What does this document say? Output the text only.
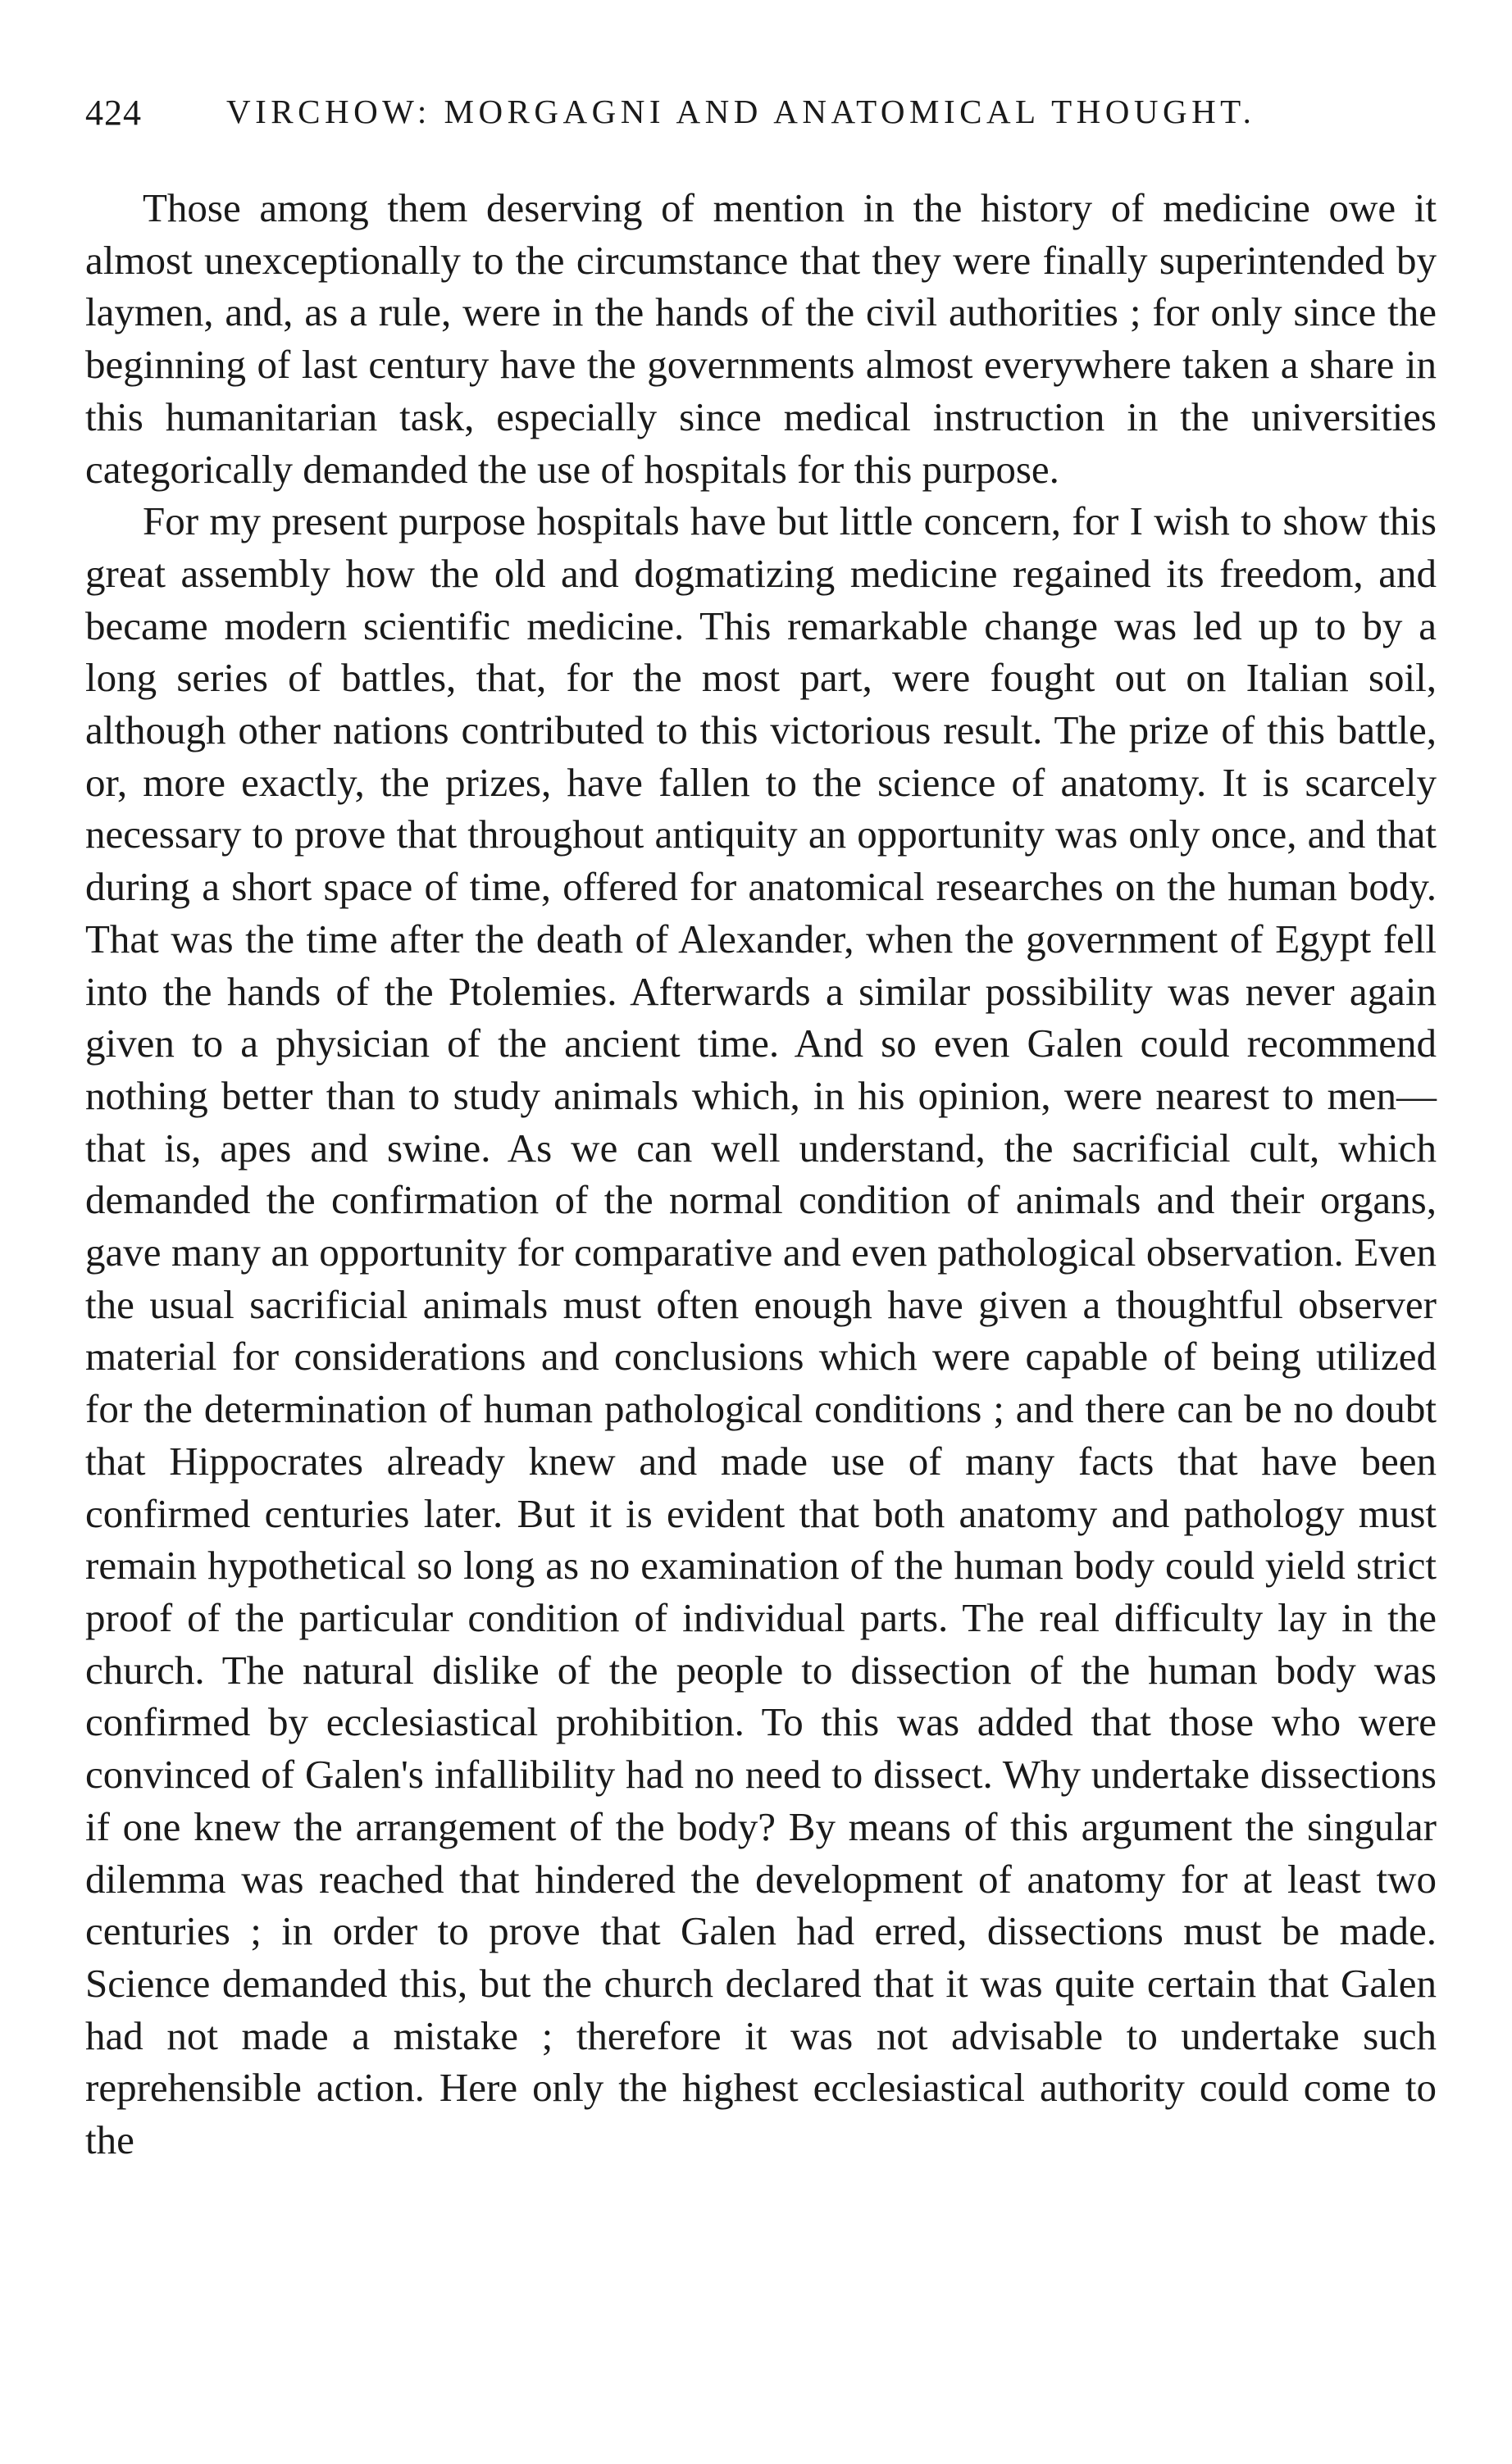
424	VIRCHOW: MORGAGNI AND ANATOMICAL THOUGHT.

Those among them deserving of mention in the history of medicine owe it almost unexceptionally to the circumstance that they were finally superintended by laymen, and, as a rule, were in the hands of the civil authorities ; for only since the beginning of last century have the governments almost everywhere taken a share in this humanitarian task, especially since medical instruction in the universities categorically demanded the use of hospitals for this purpose.

For my present purpose hospitals have but little concern, for I wish to show this great assembly how the old and dogmatizing medicine regained its freedom, and became modern scientific medicine. This remarkable change was led up to by a long series of battles, that, for the most part, were fought out on Italian soil, although other nations contributed to this victorious result. The prize of this battle, or, more exactly, the prizes, have fallen to the science of anatomy. It is scarcely necessary to prove that throughout antiquity an opportunity was only once, and that during a short space of time, offered for anatomical researches on the human body. That was the time after the death of Alexander, when the government of Egypt fell into the hands of the Ptolemies. Afterwards a similar possibility was never again given to a physician of the ancient time. And so even Galen could recommend nothing better than to study animals which, in his opinion, were nearest to men—that is, apes and swine. As we can well understand, the sacrificial cult, which demanded the confirmation of the normal condition of animals and their organs, gave many an opportunity for comparative and even pathological observation. Even the usual sacrificial animals must often enough have given a thoughtful observer material for considerations and conclusions which were capable of being utilized for the determination of human pathological conditions ; and there can be no doubt that Hippocrates already knew and made use of many facts that have been confirmed centuries later. But it is evident that both anatomy and pathology must remain hypothetical so long as no examination of the human body could yield strict proof of the particular condition of individual parts. The real difficulty lay in the church. The natural dislike of the people to dissection of the human body was confirmed by ecclesiastical prohibition. To this was added that those who were convinced of Galen's infallibility had no need to dissect. Why undertake dissections if one knew the arrangement of the body? By means of this argument the singular dilemma was reached that hindered the development of anatomy for at least two centuries ; in order to prove that Galen had erred, dissections must be made. Science demanded this, but the church declared that it was quite certain that Galen had not made a mistake ; therefore it was not advisable to undertake such reprehensible action. Here only the highest ecclesiastical authority could come to the
